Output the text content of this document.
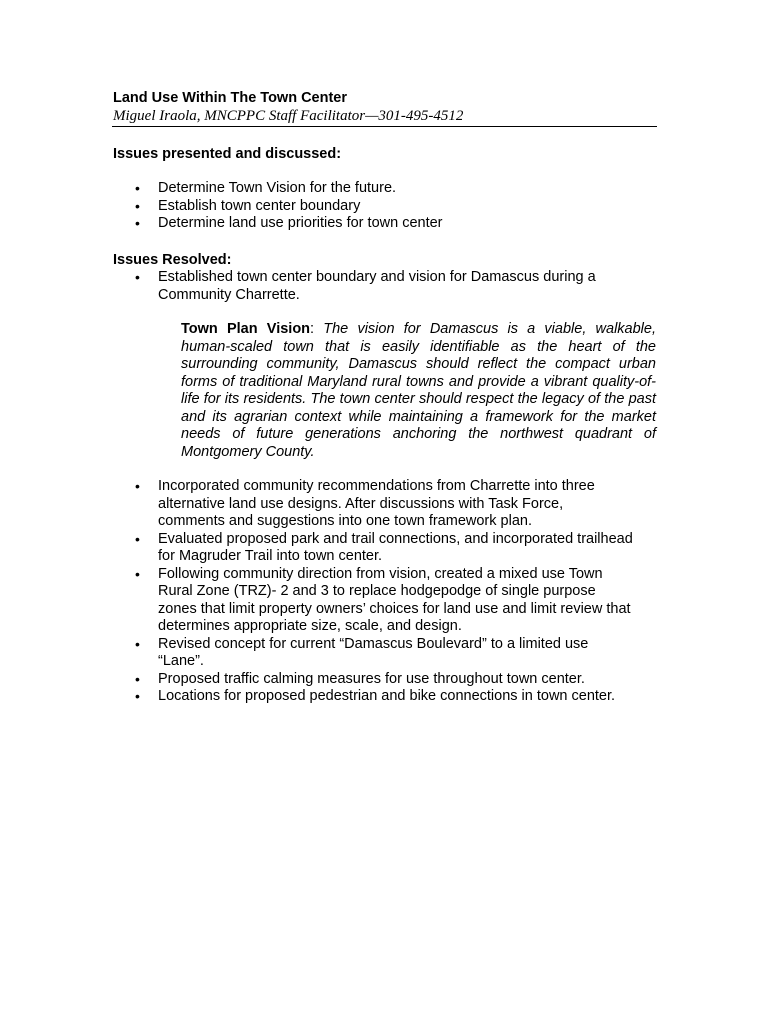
Land Use Within The Town Center
Miguel Iraola, MNCPPC Staff Facilitator—301-495-4512
Issues presented and discussed:
• Determine Town Vision for the future.
• Establish town center boundary
• Determine land use priorities for town center
Issues Resolved:
• Established town center boundary and vision for Damascus during a Community Charrette.
Town Plan Vision: The vision for Damascus is a viable, walkable, human-scaled town that is easily identifiable as the heart of the surrounding community, Damascus should reflect the compact urban forms of traditional Maryland rural towns and provide a vibrant quality-of-life for its residents. The town center should respect the legacy of the past and its agrarian context while maintaining a framework for the market needs of future generations anchoring the northwest quadrant of Montgomery County.
• Incorporated community recommendations from Charrette into three alternative land use designs. After discussions with Task Force, comments and suggestions into one town framework plan.
• Evaluated proposed park and trail connections, and incorporated trailhead for Magruder Trail into town center.
• Following community direction from vision, created a mixed use Town Rural Zone (TRZ)- 2 and 3 to replace hodgepodge of single purpose zones that limit property owners’ choices for land use and limit review that determines appropriate size, scale, and design.
• Revised concept for current “Damascus Boulevard” to a limited use “Lane”.
• Proposed traffic calming measures for use throughout town center.
• Locations for proposed pedestrian and bike connections in town center.
